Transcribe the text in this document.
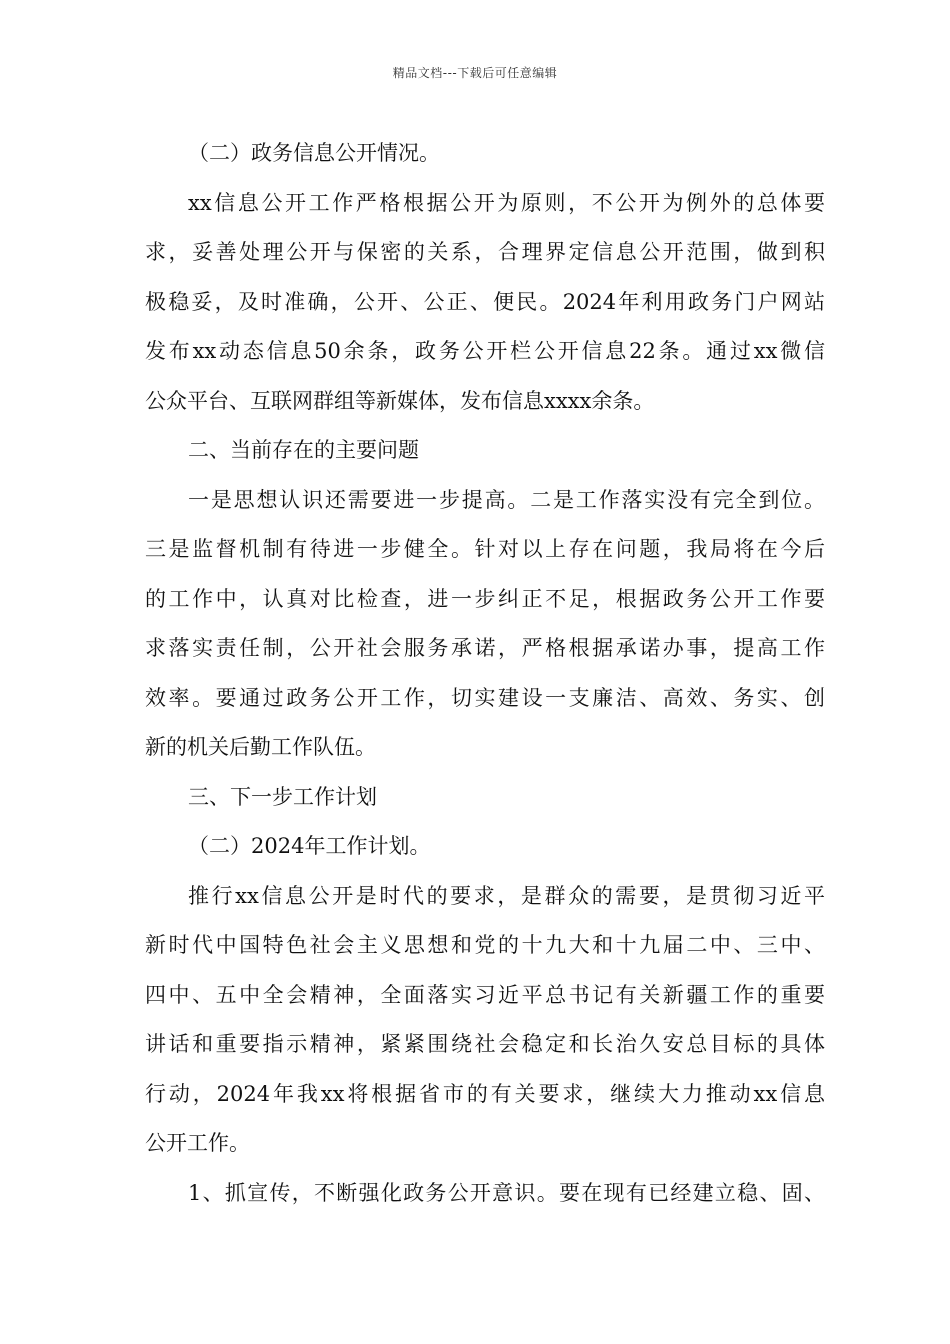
精品文档---下载后可任意编辑
（二）政务信息公开情况。
xx信息公开工作严格根据公开为原则，不公开为例外的总体要
求，妥善处理公开与保密的关系，合理界定信息公开范围，做到积
极稳妥，及时准确，公开、公正、便民。2024年利用政务门户网站
发布xx动态信息50余条，政务公开栏公开信息22条。通过xx微信
公众平台、互联网群组等新媒体，发布信息xxxx余条。
二、当前存在的主要问题
一是思想认识还需要进一步提高。二是工作落实没有完全到位。
三是监督机制有待进一步健全。针对以上存在问题，我局将在今后
的工作中，认真对比检查，进一步纠正不足，根据政务公开工作要
求落实责任制，公开社会服务承诺，严格根据承诺办事，提高工作
效率。要通过政务公开工作，切实建设一支廉洁、高效、务实、创
新的机关后勤工作队伍。
三、下一步工作计划
（二）2024年工作计划。
推行xx信息公开是时代的要求，是群众的需要，是贯彻习近平
新时代中国特色社会主义思想和党的十九大和十九届二中、三中、
四中、五中全会精神，全面落实习近平总书记有关新疆工作的重要
讲话和重要指示精神，紧紧围绕社会稳定和长治久安总目标的具体
行动，2024年我xx将根据省市的有关要求，继续大力推动xx信息
公开工作。
1、抓宣传，不断强化政务公开意识。要在现有已经建立稳、固、
